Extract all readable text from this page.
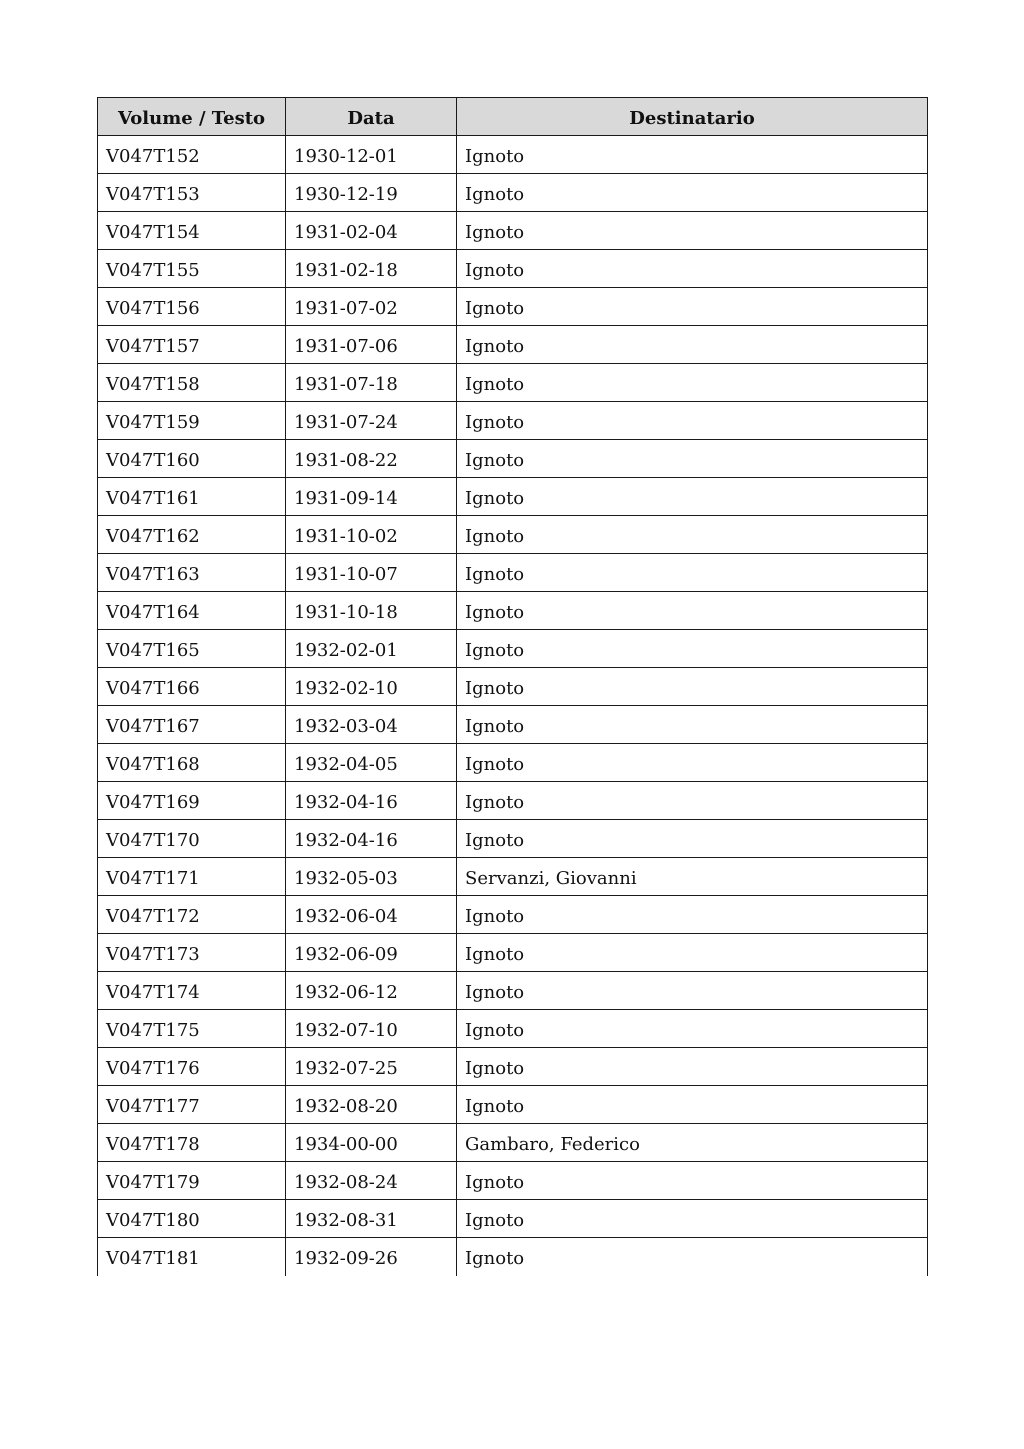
Volume / Testo	Data	Destinatario
V047T152	1930-12-01	Ignoto
V047T153	1930-12-19	Ignoto
V047T154	1931-02-04	Ignoto
V047T155	1931-02-18	Ignoto
V047T156	1931-07-02	Ignoto
V047T157	1931-07-06	Ignoto
V047T158	1931-07-18	Ignoto
V047T159	1931-07-24	Ignoto
V047T160	1931-08-22	Ignoto
V047T161	1931-09-14	Ignoto
V047T162	1931-10-02	Ignoto
V047T163	1931-10-07	Ignoto
V047T164	1931-10-18	Ignoto
V047T165	1932-02-01	Ignoto
V047T166	1932-02-10	Ignoto
V047T167	1932-03-04	Ignoto
V047T168	1932-04-05	Ignoto
V047T169	1932-04-16	Ignoto
V047T170	1932-04-16	Ignoto
V047T171	1932-05-03	Servanzi, Giovanni
V047T172	1932-06-04	Ignoto
V047T173	1932-06-09	Ignoto
V047T174	1932-06-12	Ignoto
V047T175	1932-07-10	Ignoto
V047T176	1932-07-25	Ignoto
V047T177	1932-08-20	Ignoto
V047T178	1934-00-00	Gambaro, Federico
V047T179	1932-08-24	Ignoto
V047T180	1932-08-31	Ignoto
V047T181	1932-09-26	Ignoto
